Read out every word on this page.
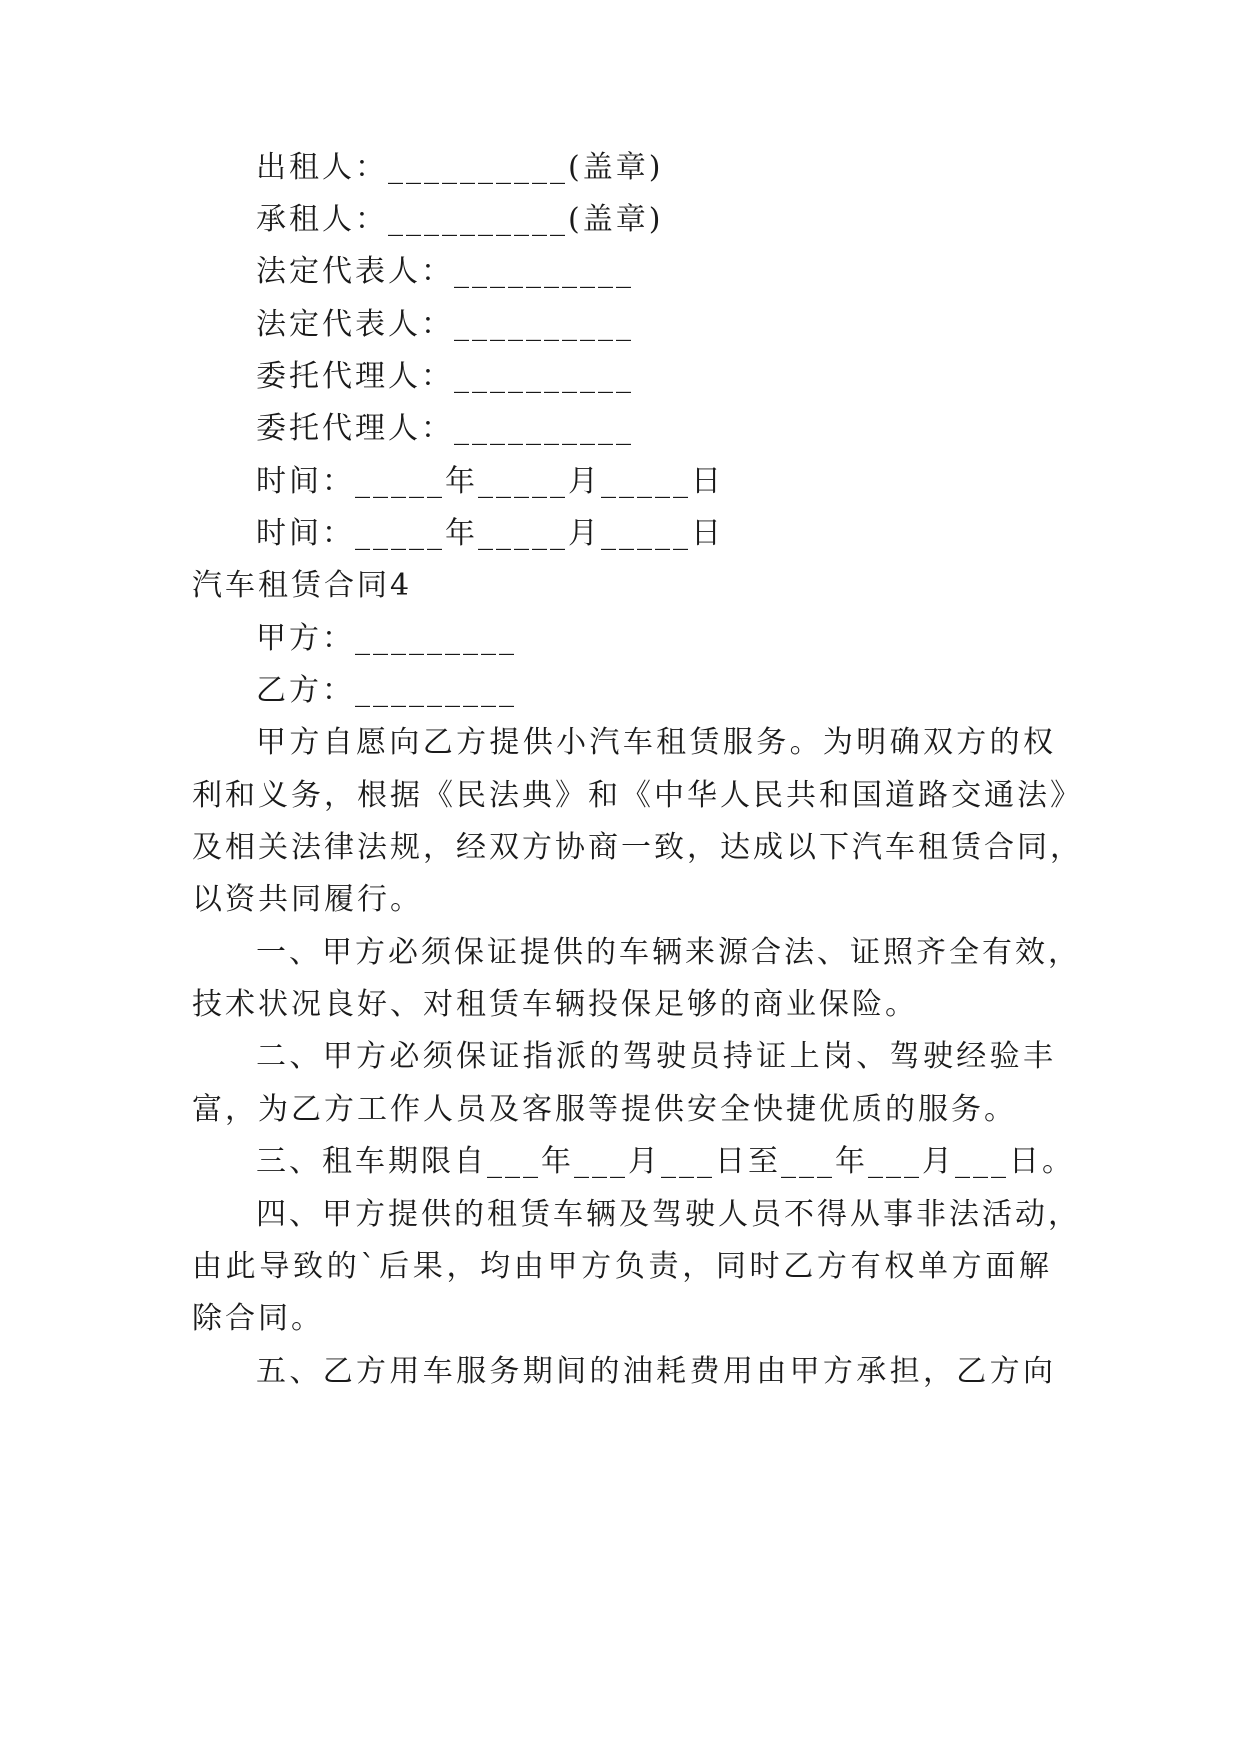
出租人：__________(盖章)
承租人：__________(盖章)
法定代表人：__________
法定代表人：__________
委托代理人：__________
委托代理人：__________
时间：_____年_____月_____日
时间：_____年_____月_____日
汽车租赁合同4
甲方：_________
乙方：_________
甲方自愿向乙方提供小汽车租赁服务。为明确双方的权
利和义务，根据《民法典》和《中华人民共和国道路交通法》
及相关法律法规，经双方协商一致，达成以下汽车租赁合同，
以资共同履行。
一、甲方必须保证提供的车辆来源合法、证照齐全有效，
技术状况良好、对租赁车辆投保足够的商业保险。
二、甲方必须保证指派的驾驶员持证上岗、驾驶经验丰
富，为乙方工作人员及客服等提供安全快捷优质的服务。
三、租车期限自___年___月___日至___年___月___日。
四、甲方提供的租赁车辆及驾驶人员不得从事非法活动，
由此导致的`后果，均由甲方负责，同时乙方有权单方面解
除合同。
五、乙方用车服务期间的油耗费用由甲方承担，乙方向
